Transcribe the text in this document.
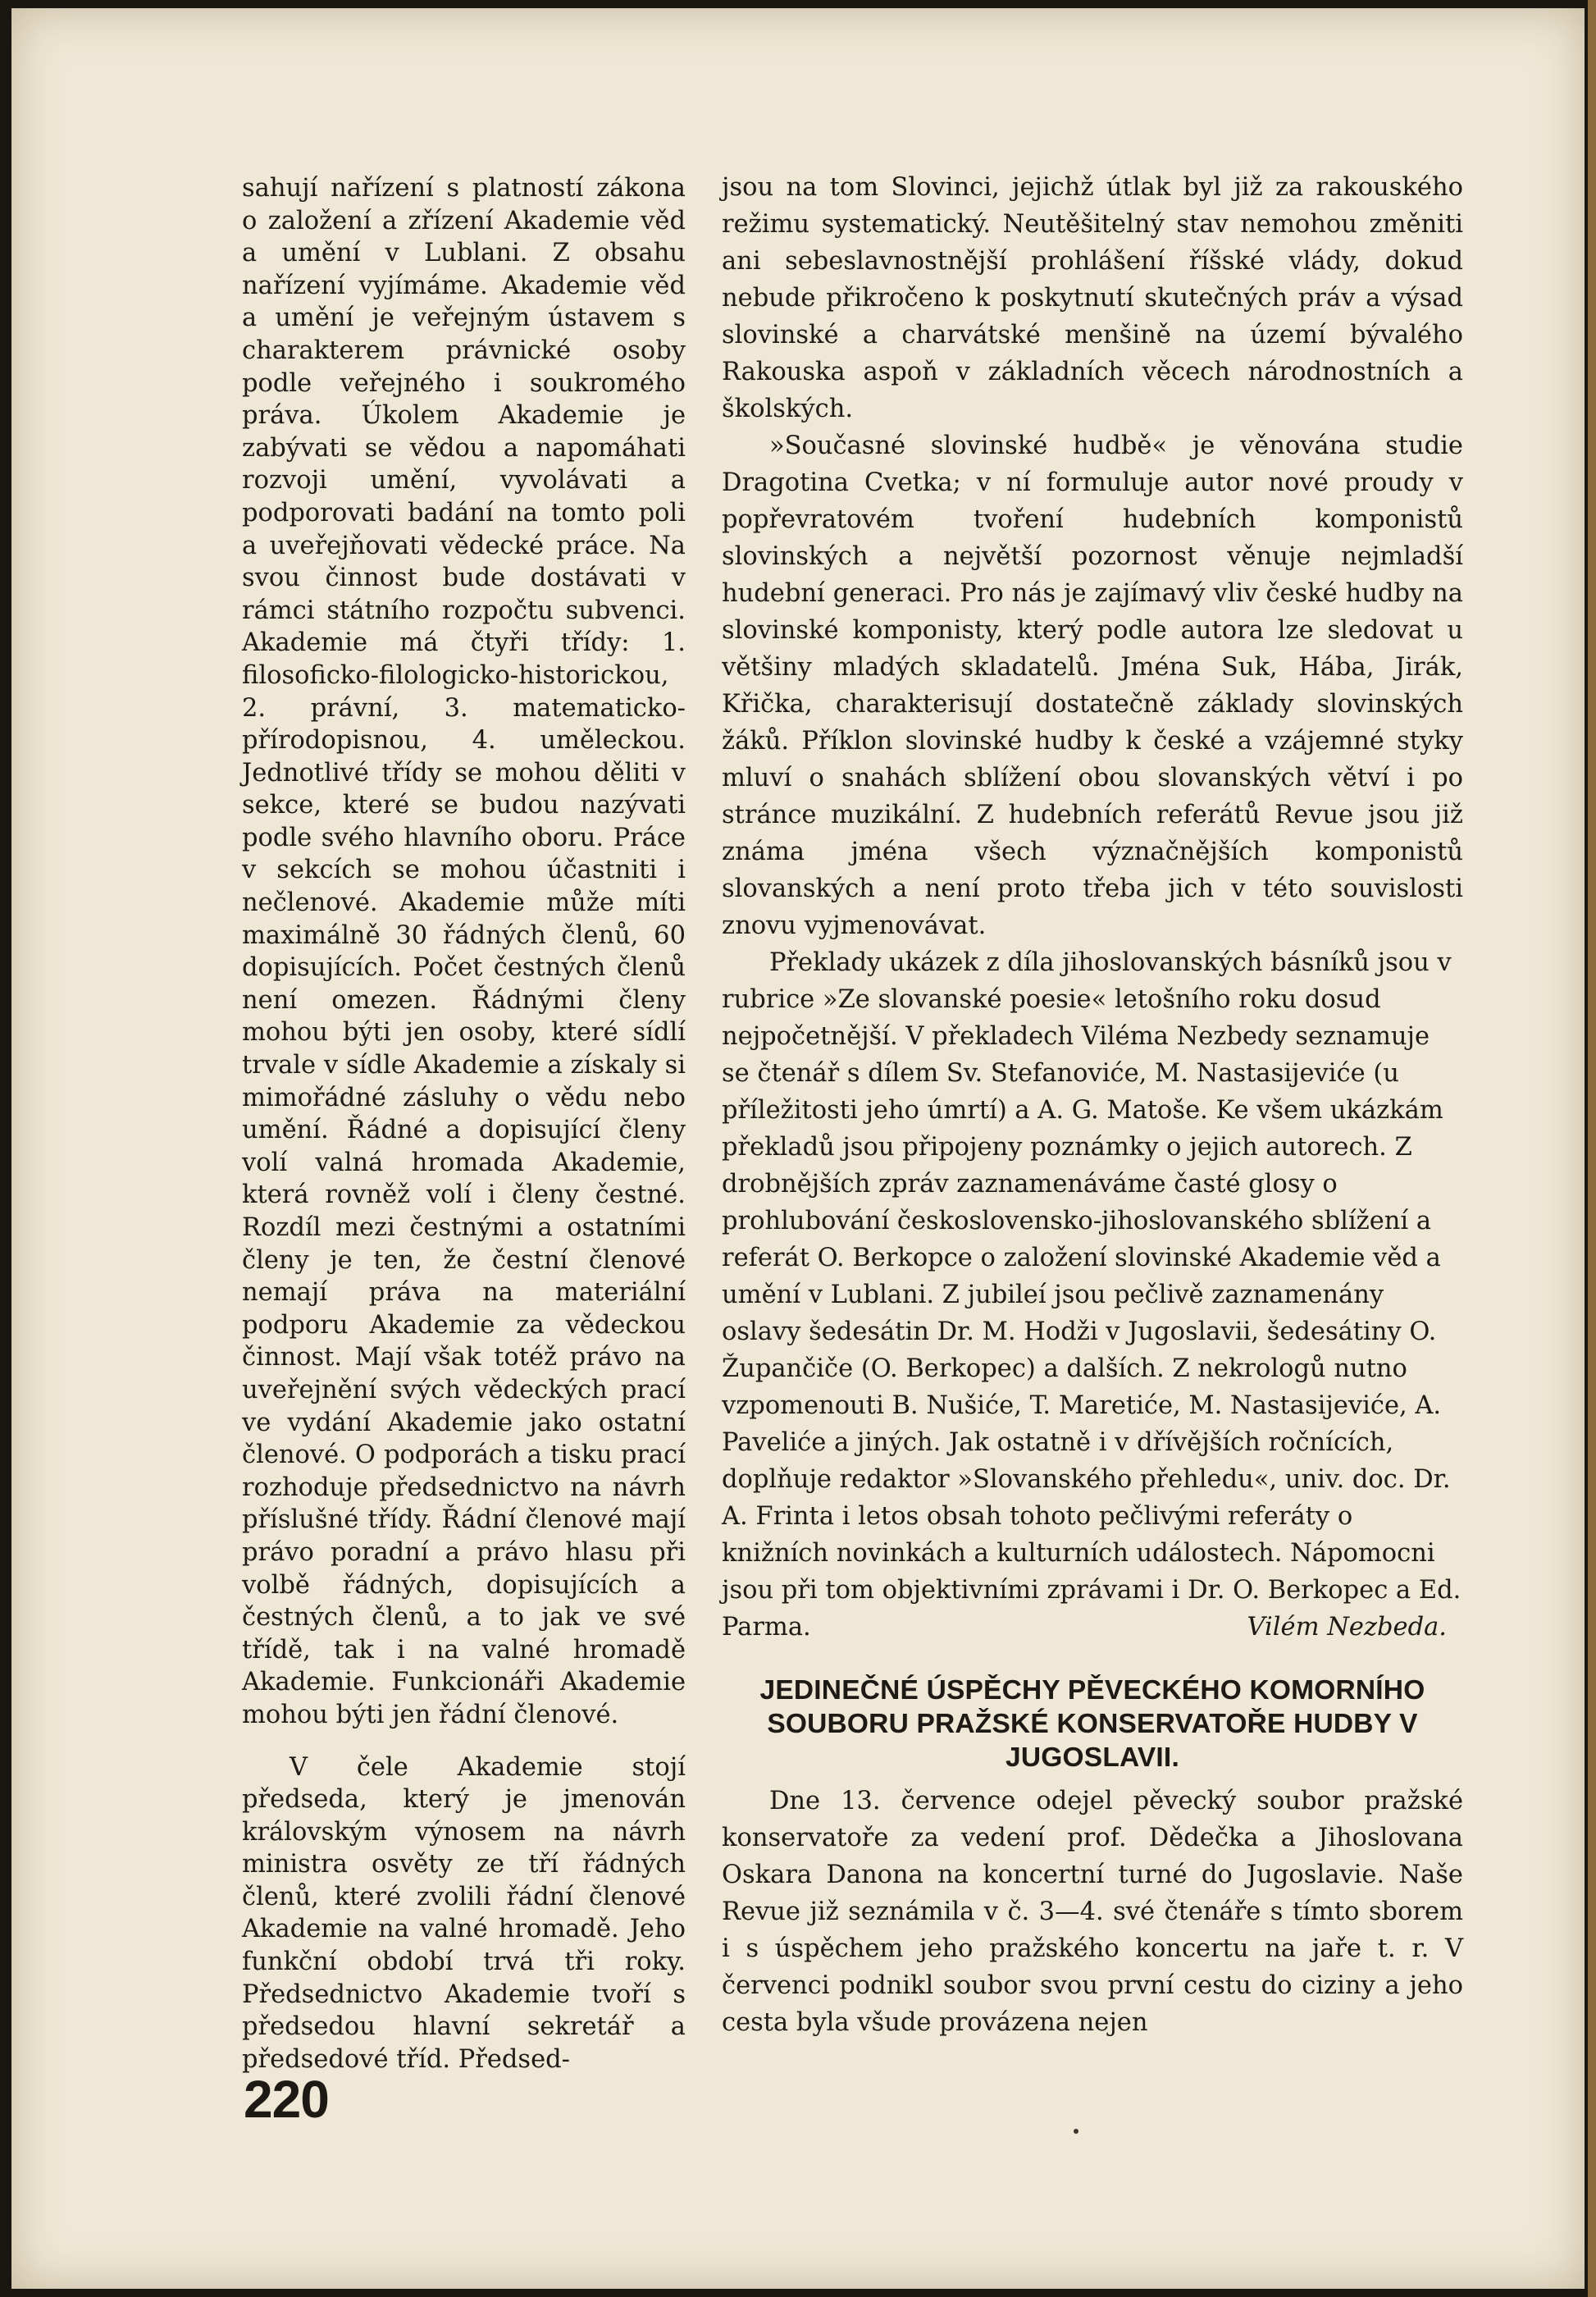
sahují nařízení s platností zákona o založení a zřízení Akademie věd a umění v Lublani. Z obsahu nařízení vyjímáme. Akademie věd a umění je veřejným ústavem s charakterem právnické osoby podle veřejného i soukromého práva. Úkolem Akademie je zabývati se vědou a napomáhati rozvoji umění, vyvolávati a podporovati badání na tomto poli a uveřejňovati vědecké práce. Na svou činnost bude dostávati v rámci státního rozpočtu subvenci. Akademie má čtyři třídy: 1. filosoficko-filologicko-historickou, 2. právní, 3. matematicko-přírodopisnou, 4. uměleckou. Jednotlivé třídy se mohou děliti v sekce, které se budou nazývati podle svého hlavního oboru. Práce v sekcích se mohou účastniti i nečlenové. Akademie může míti maximálně 30 řádných členů, 60 dopisujících. Počet čestných členů není omezen. Řádnými členy mohou býti jen osoby, které sídlí trvale v sídle Akademie a získaly si mimořádné zásluhy o vědu nebo umění. Řádné a dopisující členy volí valná hromada Akademie, která rovněž volí i členy čestné. Rozdíl mezi čestnými a ostatními členy je ten, že čestní členové nemají práva na materiální podporu Akademie za vědeckou činnost. Mají však totéž právo na uveřejnění svých vědeckých prací ve vydání Akademie jako ostatní členové. O podporách a tisku prací rozhoduje předsednictvo na návrh příslušné třídy. Řádní členové mají právo poradní a právo hlasu při volbě řádných, dopisujících a čestných členů, a to jak ve své třídě, tak i na valné hromadě Akademie. Funkcionáři Akademie mohou býti jen řádní členové.

V čele Akademie stojí předseda, který je jmenován královským výnosem na návrh ministra osvěty ze tří řádných členů, které zvolili řádní členové Akademie na valné hromadě. Jeho funkční období trvá tři roky. Předsednictvo Akademie tvoří s předsedou hlavní sekretář a předsedové tříd. Předsed-

jsou na tom Slovinci, jejichž útlak byl již za rakouského režimu systematický. Neutěšitelný stav nemohou změniti ani sebeslavnostnější prohlášení říšské vlády, dokud nebude přikročeno k poskytnutí skutečných práv a výsad slovinské a charvátské menšině na území bývalého Rakouska aspoň v základních věcech národnostních a školských.

»Současné slovinské hudbě« je věnována studie Dragotina Cvetka; v ní formuluje autor nové proudy v popřevratovém tvoření hudebních komponistů slovinských a největší pozornost věnuje nejmladší hudební generaci. Pro nás je zajímavý vliv české hudby na slovinské komponisty, který podle autora lze sledovat u většiny mladých skladatelů. Jména Suk, Hába, Jirák, Křička, charakterisují dostatečně základy slovinských žáků. Příklon slovinské hudby k české a vzájemné styky mluví o snahách sblížení obou slovanských větví i po stránce muzikální. Z hudebních referátů Revue jsou již známa jména všech význačnějších komponistů slovanských a není proto třeba jich v této souvislosti znovu vyjmenovávat.

Překlady ukázek z díla jihoslovanských básníků jsou v rubrice »Ze slovanské poesie« letošního roku dosud nejpočetnější. V překladech Viléma Nezbedy seznamuje se čtenář s dílem Sv. Stefanoviće, M. Nastasijeviće (u příležitosti jeho úmrtí) a A. G. Matoše. Ke všem ukázkám překladů jsou připojeny poznámky o jejich autorech. Z drobnějších zpráv zaznamenáváme časté glosy o prohlubování československo-jihoslovanského sblížení a referát O. Berkopce o založení slovinské Akademie věd a umění v Lublani. Z jubileí jsou pečlivě zaznamenány oslavy šedesátin Dr. M. Hodži v Jugoslavii, šedesátiny O. Župančiče (O. Berkopec) a dalších. Z nekrologů nutno vzpomenouti B. Nušiće, T. Maretiće, M. Nastasijeviće, A. Paveliće a jiných. Jak ostatně i v dřívějších ročnících, doplňuje redaktor »Slovanského přehledu«, univ. doc. Dr. A. Frinta i letos obsah tohoto pečlivými referáty o knižních novinkách a kulturních událostech. Nápomocni jsou při tom objektivními zprávami i Dr. O. Berkopec a Ed. Parma.	Vilém Nezbeda.

JEDINEČNÉ ÚSPĚCHY PĚVECKÉHO KOMORNÍHO SOUBORU PRAŽSKÉ KONSERVATOŘE HUDBY V JUGOSLAVII.

Dne 13. července odejel pěvecký soubor pražské konservatoře za vedení prof. Dědečka a Jihoslovana Oskara Danona na koncertní turné do Jugoslavie. Naše Revue již seznámila v č. 3—4. své čtenáře s tímto sborem i s úspěchem jeho pražského koncertu na jaře t. r. V červenci podnikl soubor svou první cestu do ciziny a jeho cesta byla všude provázena nejen

220
